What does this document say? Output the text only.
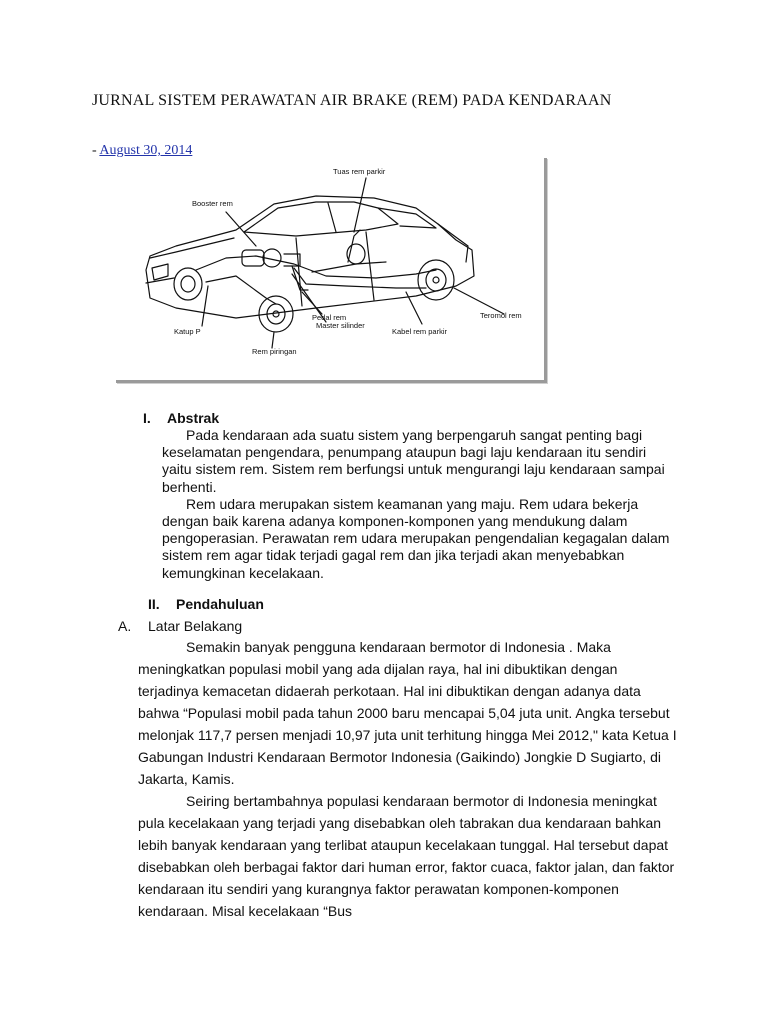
JURNAL SISTEM PERAWATAN AIR BRAKE (REM) PADA KENDARAAN
- August 30, 2014
Tuas rem parkir
Booster rem
Teromol rem
Pedal rem
Katup P
Master silinder
Kabel rem parkir
Rem piringan
I. Abstrak

Pada kendaraan ada suatu sistem yang berpengaruh sangat penting bagi keselamatan pengendara, penumpang ataupun bagi laju kendaraan itu sendiri yaitu sistem rem. Sistem rem berfungsi untuk mengurangi laju kendaraan sampai berhenti.

Rem udara merupakan sistem keamanan yang maju. Rem udara bekerja dengan baik karena adanya komponen-komponen yang mendukung dalam pengoperasian. Perawatan rem udara merupakan pengendalian kegagalan dalam sistem rem agar tidak terjadi gagal rem dan jika terjadi akan menyebabkan kemungkinan kecelakaan.

II. Pendahuluan
A. Latar Belakang

Semakin banyak pengguna kendaraan bermotor di Indonesia . Maka meningkatkan populasi mobil yang ada dijalan raya, hal ini dibuktikan dengan terjadinya kemacetan didaerah perkotaan. Hal ini dibuktikan dengan adanya data bahwa “Populasi mobil pada tahun 2000 baru mencapai 5,04 juta unit. Angka tersebut melonjak 117,7 persen menjadi 10,97 juta unit terhitung hingga Mei 2012," kata Ketua I Gabungan Industri Kendaraan Bermotor Indonesia (Gaikindo) Jongkie D Sugiarto, di Jakarta, Kamis.

Seiring bertambahnya populasi kendaraan bermotor di Indonesia meningkat pula kecelakaan yang terjadi yang disebabkan oleh tabrakan dua kendaraan bahkan lebih banyak kendaraan yang terlibat ataupun kecelakaan tunggal. Hal tersebut dapat disebabkan oleh berbagai faktor dari human error, faktor cuaca, faktor jalan, dan faktor kendaraan itu sendiri yang kurangnya faktor perawatan komponen-komponen kendaraan. Misal kecelakaan “Bus
